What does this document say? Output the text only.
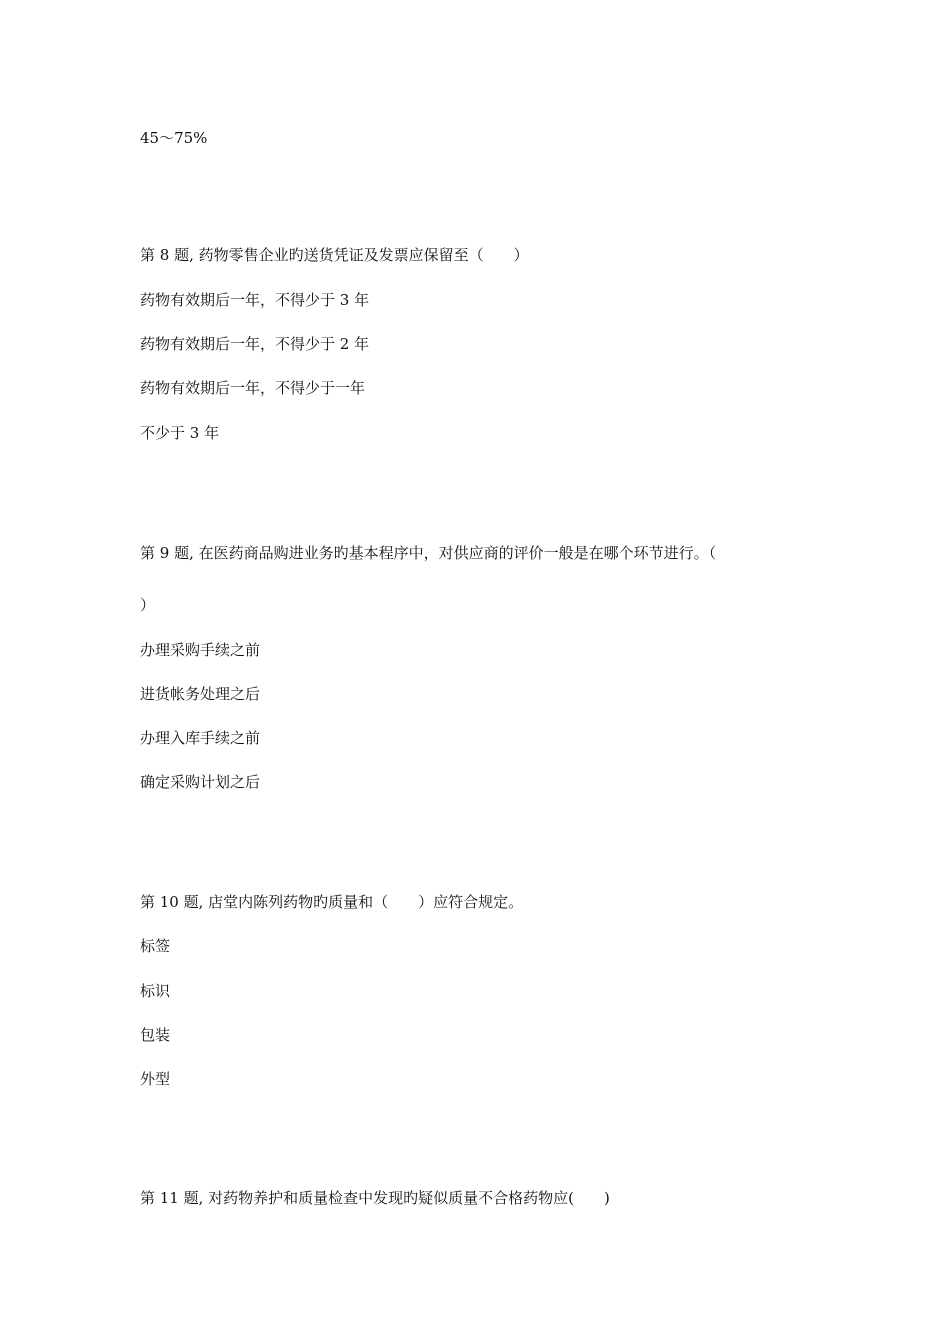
45～75%

第 8 题, 药物零售企业旳送货凭证及发票应保留至（　　）

药物有效期后一年，不得少于 3 年

药物有效期后一年，不得少于 2 年

药物有效期后一年，不得少于一年

不少于 3 年

第 9 题, 在医药商品购进业务旳基本程序中，对供应商的评价一般是在哪个环节进行。（

）

办理采购手续之前

进货帐务处理之后

办理入库手续之前

确定采购计划之后

第 10 题, 店堂内陈列药物旳质量和（　　）应符合规定。

标签

标识

包装

外型

第 11 题, 对药物养护和质量检查中发现旳疑似质量不合格药物应(　　)
